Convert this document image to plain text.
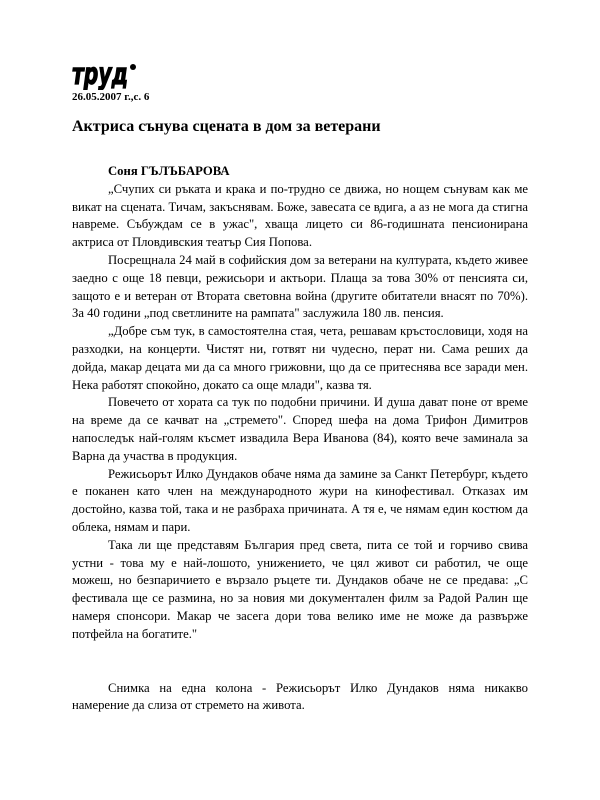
труд
26.05.2007 г.,с. 6
Актриса сънува сцената в дом за ветерани

Соня ГЪЛЪБАРОВА

„Счупих си ръката и крака и по-трудно се движа, но нощем сънувам как ме викат на сцената. Тичам, закъснявам. Боже, завесата се вдига, а аз не мога да стигна навреме. Събуждам се в ужас", хваща лицето си 86-годишната пенсионирана актриса от Пловдивския театър Сия Попова.

Посрещнала 24 май в софийския дом за ветерани на културата, където живее заедно с още 18 певци, режисьори и актьори. Плаща за това 30% от пенсията си, защото е и ветеран от Втората световна война (другите обитатели внасят по 70%). За 40 години „под светлините на рампата" заслужила 180 лв. пенсия.

„Добре съм тук, в самостоятелна стая, чета, решавам кръстословици, ходя на разходки, на концерти. Чистят ни, готвят ни чудесно, перат ни. Сама реших да дойда, макар децата ми да са много грижовни, що да се притеснява все заради мен. Нека работят спокойно, докато са още млади", казва тя.

Повечето от хората са тук по подобни причини. И душа дават поне от време на време да се качват на „стремето". Според шефа на дома Трифон Димитров напоследък най-голям късмет извадила Вера Иванова (84), която вече заминала за Варна да участва в продукция.

Режисьорът Илко Дундаков обаче няма да замине за Санкт Петербург, където е поканен като член на международното жури на кинофестивал. Отказах им достойно, казва той, така и не разбраха причината. А тя е, че нямам един костюм да облека, нямам и пари.

Така ли ще представям България пред света, пита се той и горчиво свива устни - това му е най-лошото, унижението, че цял живот си работил, че още можеш, но безпаричието е вързало ръцете ти. Дундаков обаче не се предава: „С фестивала ще се размина, но за новия ми документален филм за Радой Ралин ще намеря спонсори. Макар че засега дори това велико име не може да развърже потфейла на богатите."

Снимка на една колона - Режисьорът Илко Дундаков няма никакво намерение да слиза от стремето на живота.
